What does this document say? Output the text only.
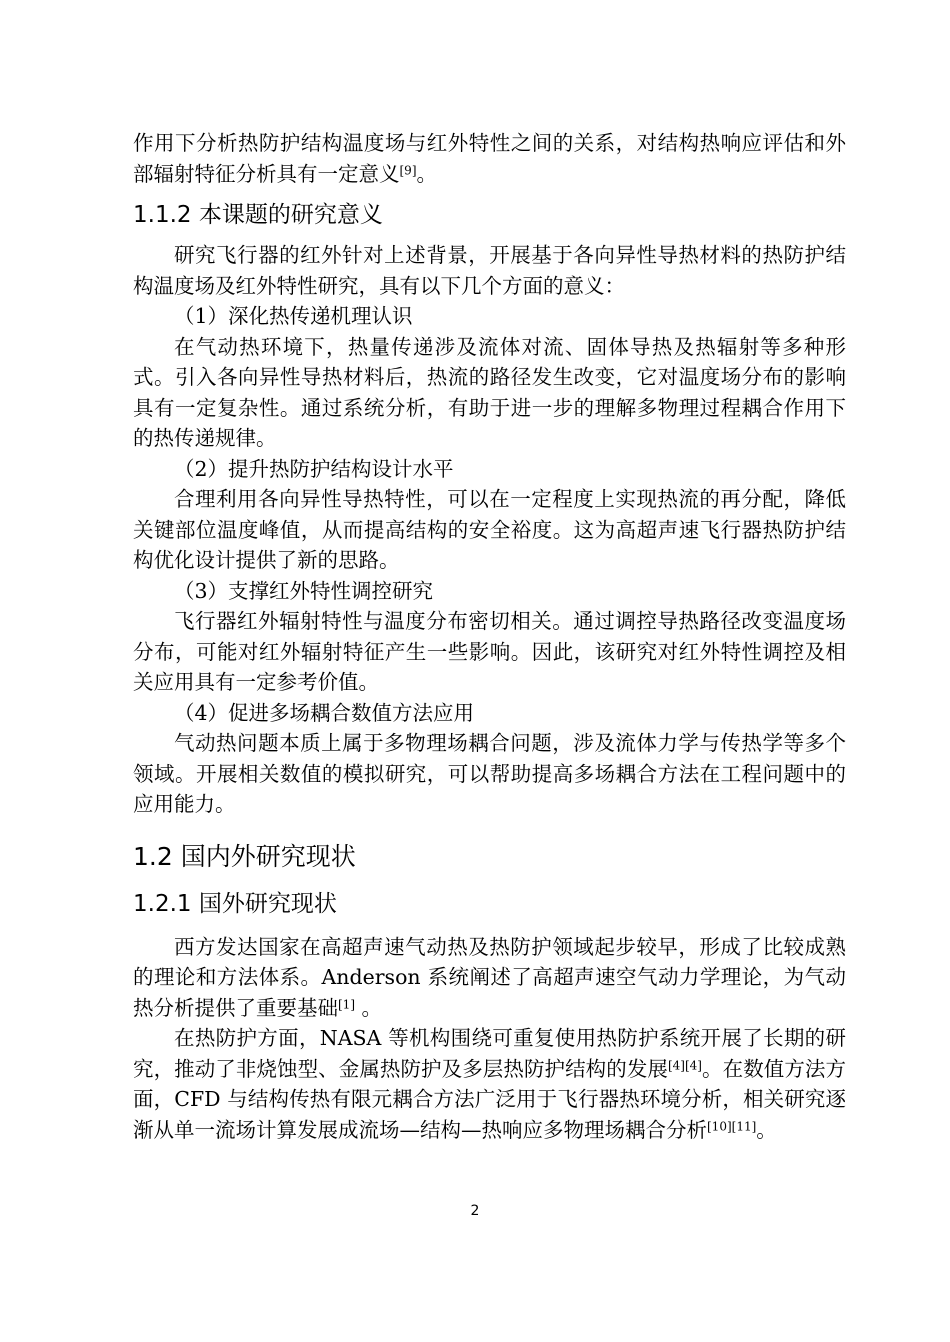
作用下分析热防护结构温度场与红外特性之间的关系，对结构热响应评估和外部辐射特征分析具有一定意义[9]。

1.1.2 本课题的研究意义

研究飞行器的红外针对上述背景，开展基于各向异性导热材料的热防护结构温度场及红外特性研究，具有以下几个方面的意义：

（1）深化热传递机理认识

在气动热环境下，热量传递涉及流体对流、固体导热及热辐射等多种形式。引入各向异性导热材料后，热流的路径发生改变，它对温度场分布的影响具有一定复杂性。通过系统分析，有助于进一步的理解多物理过程耦合作用下的热传递规律。

（2）提升热防护结构设计水平

合理利用各向异性导热特性，可以在一定程度上实现热流的再分配，降低关键部位温度峰值，从而提高结构的安全裕度。这为高超声速飞行器热防护结构优化设计提供了新的思路。

（3）支撑红外特性调控研究

飞行器红外辐射特性与温度分布密切相关。通过调控导热路径改变温度场分布，可能对红外辐射特征产生一些影响。因此，该研究对红外特性调控及相关应用具有一定参考价值。

（4）促进多场耦合数值方法应用

气动热问题本质上属于多物理场耦合问题，涉及流体力学与传热学等多个领域。开展相关数值的模拟研究，可以帮助提高多场耦合方法在工程问题中的应用能力。

1.2 国内外研究现状
1.2.1 国外研究现状

西方发达国家在高超声速气动热及热防护领域起步较早，形成了比较成熟的理论和方法体系。Anderson 系统阐述了高超声速空气动力学理论，为气动热分析提供了重要基础[1] 。

在热防护方面，NASA 等机构围绕可重复使用热防护系统开展了长期的研究，推动了非烧蚀型、金属热防护及多层热防护结构的发展[4][4]。在数值方法方面，CFD 与结构传热有限元耦合方法广泛用于飞行器热环境分析，相关研究逐渐从单一流场计算发展成流场—结构—热响应多物理场耦合分析[10][11]。

2
